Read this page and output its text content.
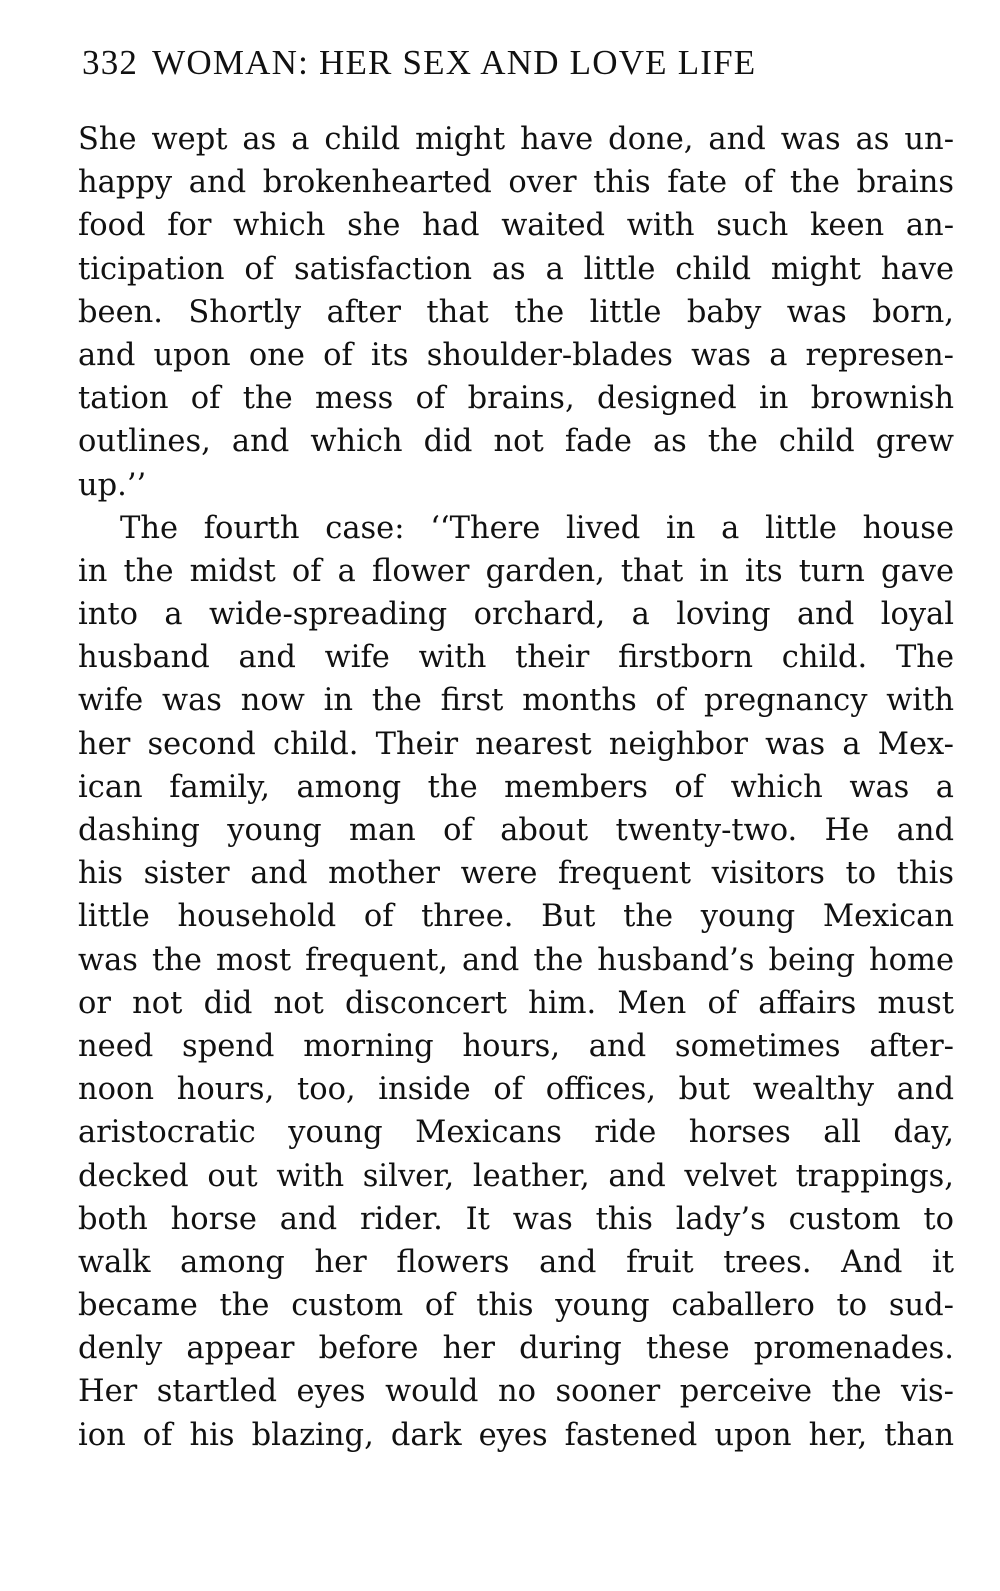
332 WOMAN: HER SEX AND LOVE LIFE
She wept as a child might have done, and was as un-
happy and brokenhearted over this fate of the brains
food for which she had waited with such keen an-
ticipation of satisfaction as a little child might have
been. Shortly after that the little baby was born,
and upon one of its shoulder-blades was a represen-
tation of the mess of brains, designed in brownish
outlines, and which did not fade as the child grew
up.’’
The fourth case: ‘‘There lived in a little house
in the midst of a flower garden, that in its turn gave
into a wide-spreading orchard, a loving and loyal
husband and wife with their firstborn child. The
wife was now in the first months of pregnancy with
her second child. Their nearest neighbor was a Mex-
ican family, among the members of which was a
dashing young man of about twenty-two. He and
his sister and mother were frequent visitors to this
little household of three. But the young Mexican
was the most frequent, and the husband’s being home
or not did not disconcert him. Men of affairs must
need spend morning hours, and sometimes after-
noon hours, too, inside of offices, but wealthy and
aristocratic young Mexicans ride horses all day,
decked out with silver, leather, and velvet trappings,
both horse and rider. It was this lady’s custom to
walk among her flowers and fruit trees. And it
became the custom of this young caballero to sud-
denly appear before her during these promenades.
Her startled eyes would no sooner perceive the vis-
ion of his blazing, dark eyes fastened upon her, than
